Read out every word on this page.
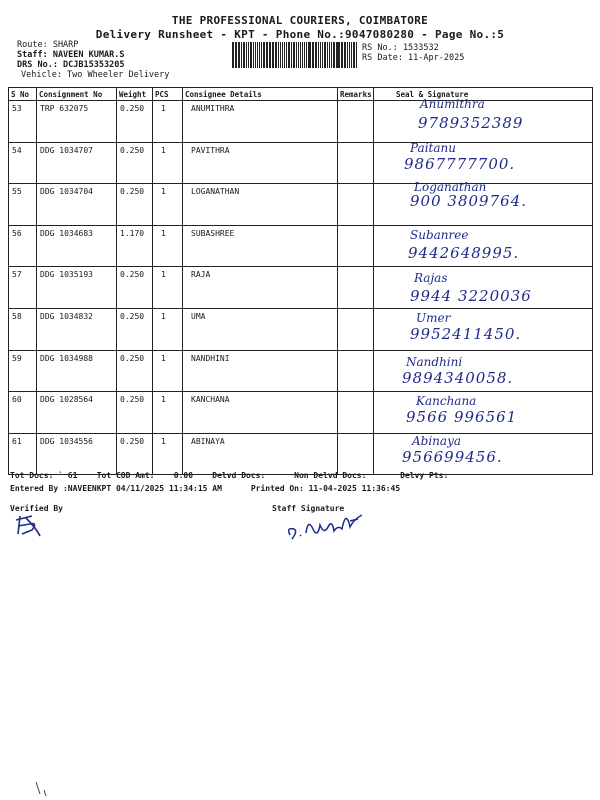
THE PROFESSIONAL COURIERS, COIMBATORE
Delivery Runsheet - KPT - Phone No.:9047080280 - Page No.:5
Route: SHARP
Staff: NAVEEN KUMAR.S
DRS No.: DCJB15353205
Vehicle: Two Wheeler Delivery
RS No.: 1533532
RS Date: 11-Apr-2025
S No	Consignment No	Weight	PCS	Consignee Details	Remarks	Seal & Signature
53	TRP 632075	0.250	1	ANUMITHRA		Anumithra
9789352389

54	DDG 1034707	0.250	1	PAVITHRA		Paitanu
9867777700.

55	DDG 1034704	0.250	1	LOGANATHAN		Loganathan
900 3809764.

56	DDG 1034683	1.170	1	SUBASHREE		Subanree
9442648995.

57	DDG 1035193	0.250	1	RAJA		Rajas
9944 3220036

58	DDG 1034832	0.250	1	UMA		Umer
9952411450.

59	DDG 1034988	0.250	1	NANDHINI		Nandhini
9894340058.

60	DDG 1028564	0.250	1	KANCHANA		Kanchana
9566 996561

61	DDG 1034556	0.250	1	ABINAYA		Abinaya
956699456.
Tot Docs: ` 61    Tot COD Amt:    0.00    Delvd Docs:      Non Delvd Docs:       Delvy Pts:
Entered By :NAVEENKPT 04/11/2025 11:34:15 AM      Printed On: 11-04-2025 11:36:45
Verified By	Staff Signature
